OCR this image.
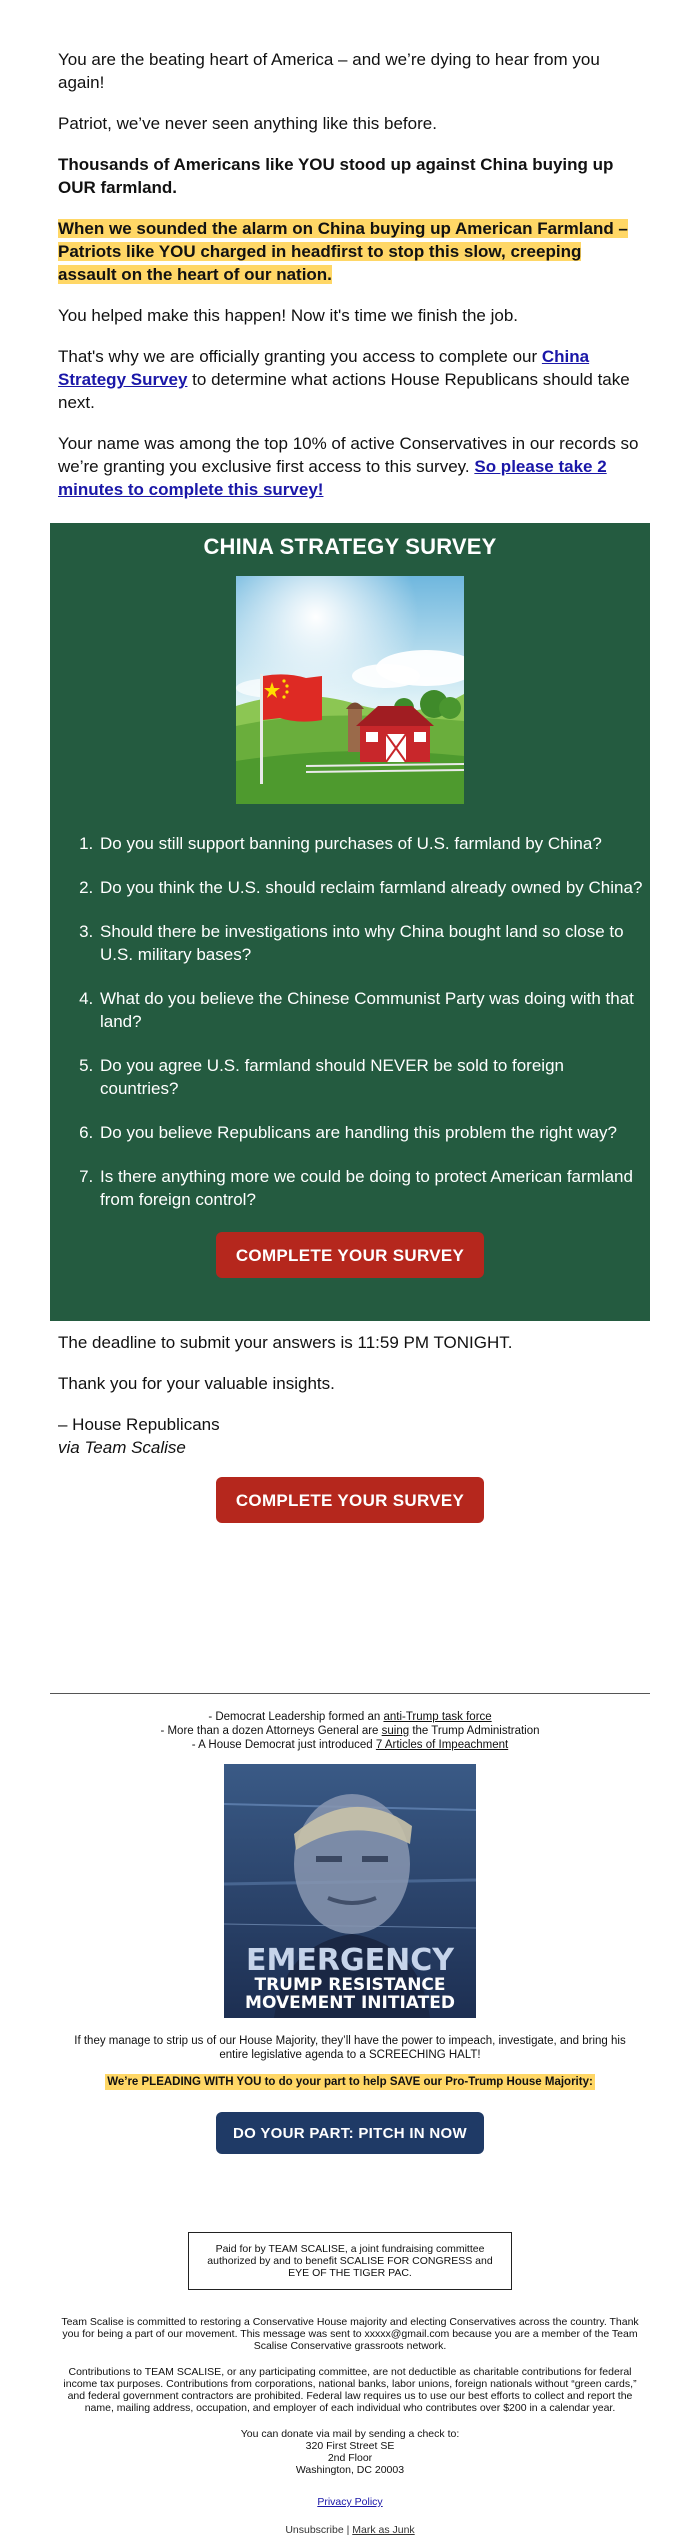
You are the beating heart of America – and we’re dying to hear from you again!

Patriot, we’ve never seen anything like this before.

Thousands of Americans like YOU stood up against China buying up OUR farmland.

When we sounded the alarm on China buying up American Farmland – Patriots like YOU charged in headfirst to stop this slow, creeping assault on the heart of our nation.

You helped make this happen! Now it's time we finish the job.

That's why we are officially granting you access to complete our China Strategy Survey to determine what actions House Republicans should take next.

Your name was among the top 10% of active Conservatives in our records so we’re granting you exclusive first access to this survey. So please take 2 minutes to complete this survey!

CHINA STRATEGY SURVEY
1. Do you still support banning purchases of U.S. farmland by China?
2. Do you think the U.S. should reclaim farmland already owned by China?
3. Should there be investigations into why China bought land so close to U.S. military bases?
4. What do you believe the Chinese Communist Party was doing with that land?
5. Do you agree U.S. farmland should NEVER be sold to foreign countries?
6. Do you believe Republicans are handling this problem the right way?
7. Is there anything more we could be doing to protect American farmland from foreign control?
COMPLETE YOUR SURVEY

The deadline to submit your answers is 11:59 PM TONIGHT.

Thank you for your valuable insights.

– House Republicans

via Team Scalise

COMPLETE YOUR SURVEY
- Democrat Leadership formed an anti-Trump task force
- More than a dozen Attorneys General are suing the Trump Administration
- A House Democrat just introduced 7 Articles of Impeachment
EMERGENCY
TRUMP RESISTANCE
MOVEMENT INITIATED

If they manage to strip us of our House Majority, they’ll have the power to impeach, investigate, and bring his entire legislative agenda to a SCREECHING HALT!

We’re PLEADING WITH YOU to do your part to help SAVE our Pro-Trump House Majority:
DO YOUR PART: PITCH IN NOW
Paid for by TEAM SCALISE, a joint fundraising committee authorized by and to benefit SCALISE FOR CONGRESS and EYE OF THE TIGER PAC.

Team Scalise is committed to restoring a Conservative House majority and electing Conservatives across the country. Thank you for being a part of our movement. This message was sent to xxxxx@gmail.com because you are a member of the Team Scalise Conservative grassroots network.

Contributions to TEAM SCALISE, or any participating committee, are not deductible as charitable contributions for federal income tax purposes. Contributions from corporations, national banks, labor unions, foreign nationals without “green cards,” and federal government contractors are prohibited. Federal law requires us to use our best efforts to collect and report the name, mailing address, occupation, and employer of each individual who contributes over $200 in a calendar year.

You can donate via mail by sending a check to:

320 First Street SE
2nd Floor
Washington, DC 20003

Privacy Policy

Unsubscribe | Mark as Junk
